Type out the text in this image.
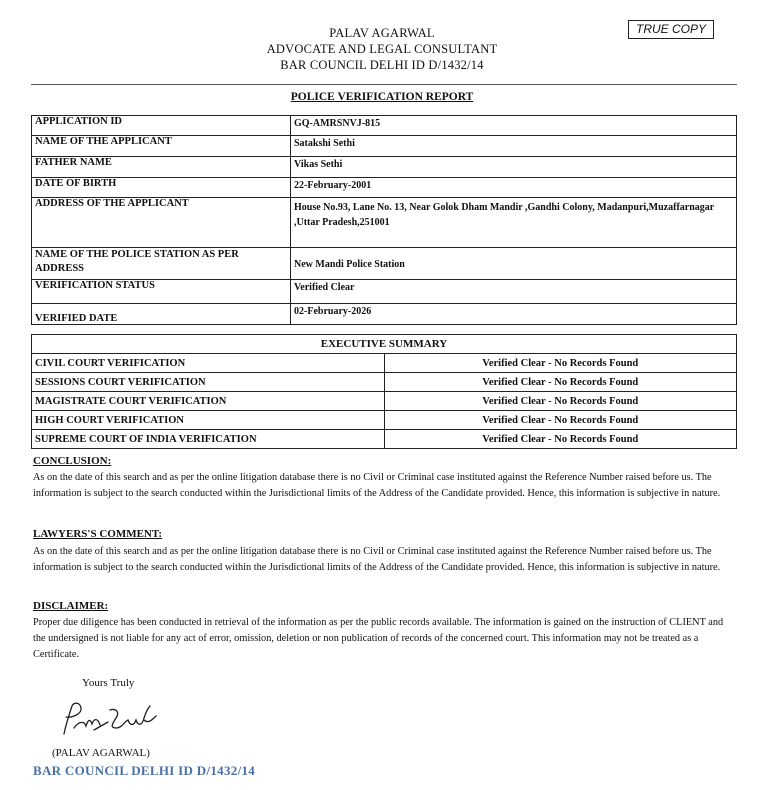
PALAV AGARWAL
ADVOCATE AND LEGAL CONSULTANT
BAR COUNCIL DELHI ID D/1432/14
TRUE COPY
POLICE VERIFICATION REPORT
APPLICATION ID	GQ-AMRSNVJ-815
NAME OF THE APPLICANT	Satakshi Sethi
FATHER NAME	Vikas Sethi
DATE OF BIRTH	22-February-2001
ADDRESS OF THE APPLICANT	House No.93, Lane No. 13, Near Golok Dham Mandir ,Gandhi Colony, Madanpuri,Muzaffarnagar ,Uttar Pradesh,251001
NAME OF THE POLICE STATION AS PER ADDRESS	New Mandi Police Station
VERIFICATION STATUS	Verified Clear
VERIFIED DATE	02-February-2026
EXECUTIVE SUMMARY	
CIVIL COURT VERIFICATION	Verified Clear - No Records Found
SESSIONS COURT VERIFICATION	Verified Clear - No Records Found
MAGISTRATE COURT VERIFICATION	Verified Clear - No Records Found
HIGH COURT VERIFICATION	Verified Clear - No Records Found
SUPREME COURT OF INDIA VERIFICATION	Verified Clear - No Records Found
CONCLUSION:
As on the date of this search and as per the online litigation database there is no Civil or Criminal case instituted against the Reference Number raised before us. The information is subject to the search conducted within the Jurisdictional limits of the Address of the Candidate provided. Hence, this information is subjective in nature.
LAWYERS'S COMMENT:
As on the date of this search and as per the online litigation database there is no Civil or Criminal case instituted against the Reference Number raised before us. The information is subject to the search conducted within the Jurisdictional limits of the Address of the Candidate provided. Hence, this information is subjective in nature.
DISCLAIMER:
Proper due diligence has been conducted in retrieval of the information as per the public records available. The information is gained on the instruction of CLIENT and the undersigned is not liable for any act of error, omission, deletion or non publication of records of the concerned court. This information may not be treated as a Certificate.
Yours Truly
(PALAV AGARWAL)
BAR COUNCIL DELHI ID D/1432/14
